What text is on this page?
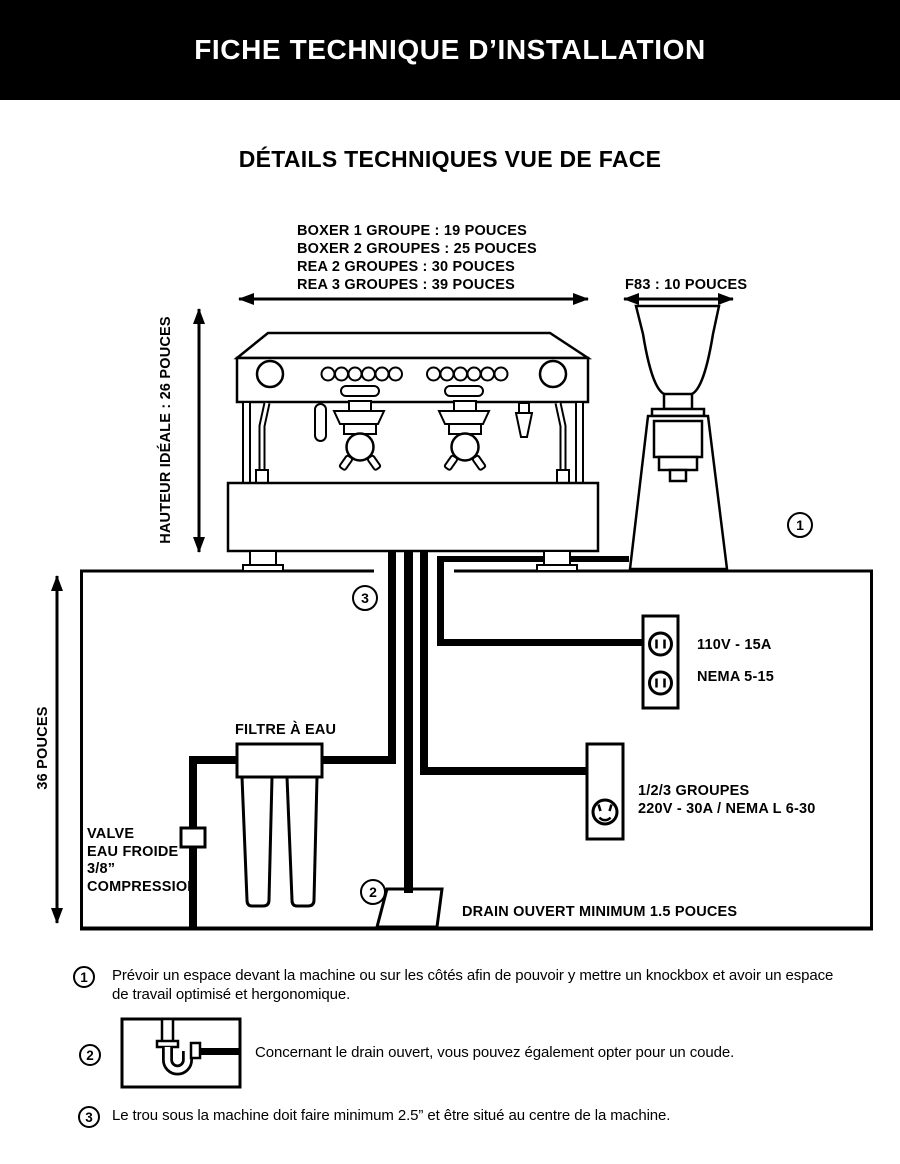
FICHE TECHNIQUE D’INSTALLATION
DÉTAILS TECHNIQUES VUE DE FACE
1
3
2
BOXER 1 GROUPE : 19 POUCES
BOXER 2 GROUPES : 25 POUCES
REA 2 GROUPES : 30 POUCES
REA 3 GROUPES : 39 POUCES	F83 : 10 POUCES
HAUTEUR IDÉALE : 26 POUCES
36 POUCES	FILTRE À EAU
VALVE
EAU FROIDE
3/8”
COMPRESSION
110V - 15A
NEMA 5-15
1/2/3 GROUPES
220V - 30A / NEMA L 6-30
DRAIN OUVERT MINIMUM 1.5 POUCES
1 Prévoir un espace devant la machine ou sur les côtés afin de pouvoir y mettre un knockbox et avoir un espace
de travail optimisé et hergonomique.
2	Concernant le drain ouvert, vous pouvez également opter pour un coude.
3 Le trou sous la machine doit faire minimum 2.5” et être situé au centre de la machine.
